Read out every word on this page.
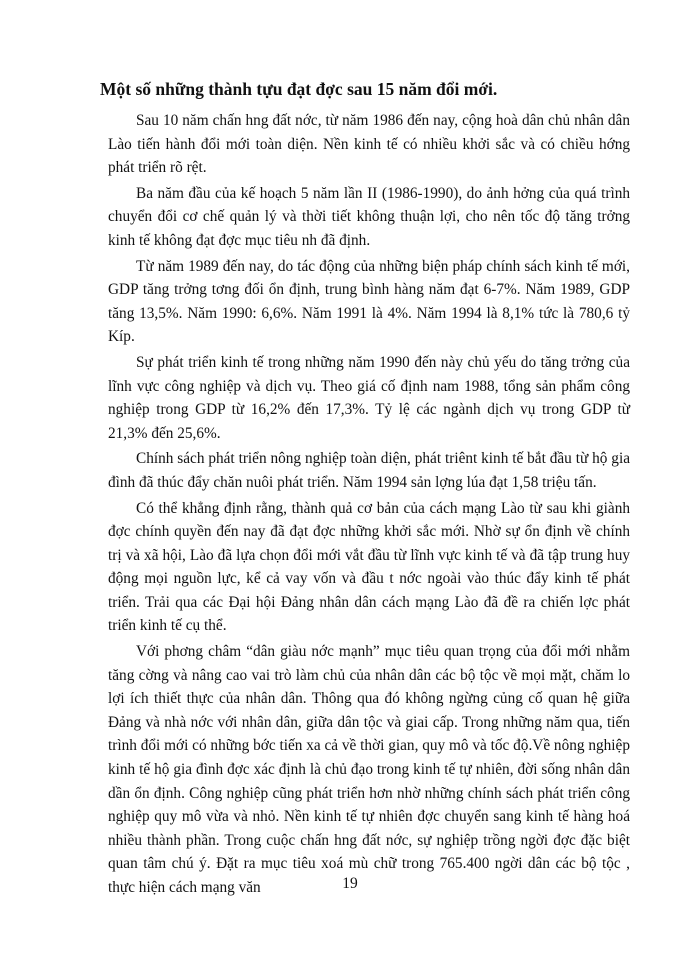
Một số những thành tựu đạt đợc sau 15 năm đổi mới.

Sau 10 năm chấn hng đất nớc, từ năm 1986 đến nay, cộng hoà dân chủ nhân dân Lào tiến hành đổi mới toàn diện. Nền kinh tế có nhiều khởi sắc và có chiều hớng phát triển rõ rệt.

Ba năm đầu của kế hoạch 5 năm lần II (1986-1990), do ảnh hởng của quá trình chuyển đổi cơ chế quản lý và thời tiết không thuận lợi, cho nên tốc độ tăng trởng kinh tế không đạt đợc mục tiêu nh đã định.

Từ năm 1989 đến nay, do tác động của những biện pháp chính sách kinh tế mới, GDP tăng trởng tơng đối ổn định, trung bình hàng năm đạt 6-7%. Năm 1989, GDP tăng 13,5%. Năm 1990: 6,6%. Năm 1991 là 4%. Năm 1994 là 8,1% tức là 780,6 tỷ Kíp.

Sự phát triển kinh tế trong những năm 1990 đến này chủ yếu do tăng trởng của lĩnh vực công nghiệp và dịch vụ. Theo giá cố định nam 1988, tổng sản phẩm công nghiệp trong GDP từ 16,2% đến 17,3%. Tỷ lệ các ngành dịch vụ trong GDP từ 21,3% đến 25,6%.

Chính sách phát triển nông nghiệp toàn diện, phát triênt kinh tế bắt đầu từ hộ gia đình đã thúc đẩy chăn nuôi phát triển. Năm 1994 sản lợng lúa đạt 1,58 triệu tấn.

Có thể khẳng định rằng, thành quả cơ bản của cách mạng Lào từ sau khi giành đợc chính quyền đến nay đã đạt đợc những khởi sắc mới. Nhờ sự ổn định về chính trị và xã hội, Lào đã lựa chọn đổi mới vắt đầu từ lĩnh vực kinh tế và đã tập trung huy động mọi nguồn lực, kể cả vay vốn và đầu t nớc ngoài vào thúc đẩy kinh tế phát triển. Trải qua các Đại hội Đảng nhân dân cách mạng Lào đã đề ra chiến lợc phát triển kinh tế cụ thể.

Với phơng châm “dân giàu nớc mạnh” mục tiêu quan trọng của đổi mới nhằm tăng cờng và nâng cao vai trò làm chủ của nhân dân các bộ tộc về mọi mặt, chăm lo lợi ích thiết thực của nhân dân. Thông qua đó không ngừng củng cố quan hệ giữa Đảng và nhà nớc với nhân dân, giữa dân tộc và giai cấp. Trong những năm qua, tiến trình đổi mới có những bớc tiến xa cả về thời gian, quy mô và tốc độ.Về nông nghiệp kinh tế hộ gia đình đợc xác định là chủ đạo trong kinh tế tự nhiên, đời sống nhân dân dần ổn định. Công nghiệp cũng phát triển hơn nhờ những chính sách phát triển công nghiệp quy mô vừa và nhỏ. Nền kinh tế tự nhiên đợc chuyển sang kinh tế hàng hoá nhiều thành phần. Trong cuộc chấn hng đất nớc, sự nghiệp trồng ngời đợc đặc biệt quan tâm chú ý. Đặt ra mục tiêu xoá mù chữ trong 765.400 ngời dân các bộ tộc , thực hiện cách mạng văn	19
